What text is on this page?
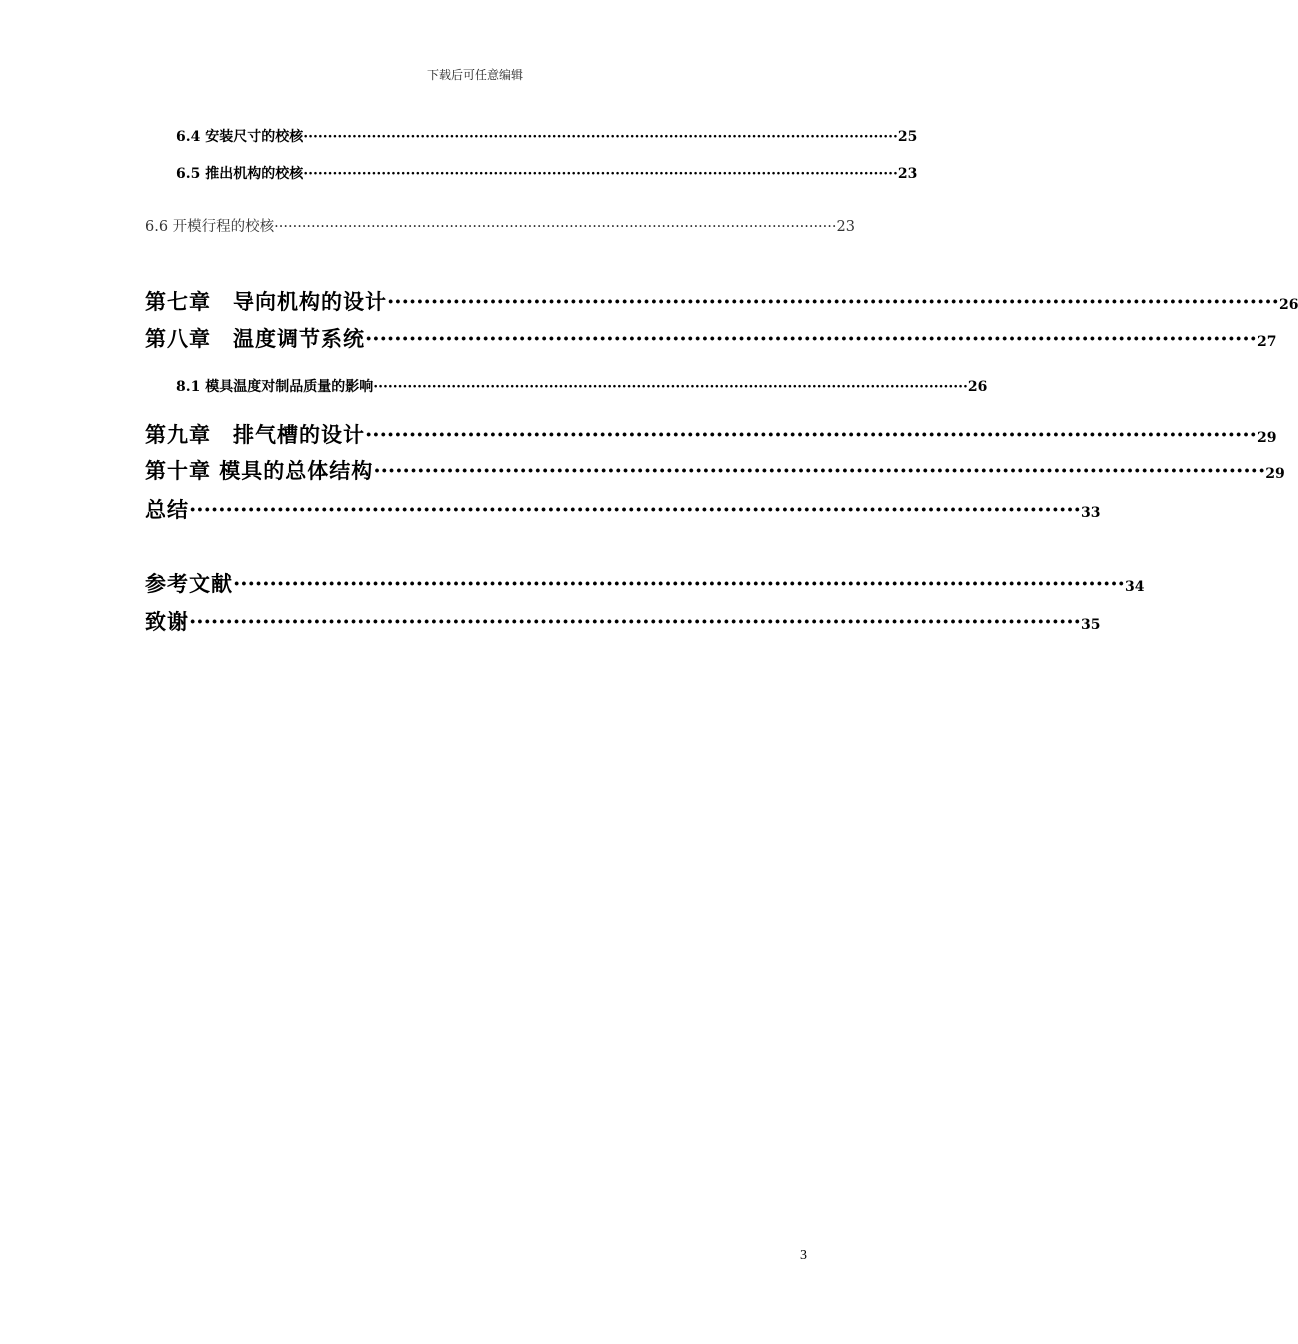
下载后可任意编辑
6.4 安装尺寸的校核 ·························································································································· 25
6.5 推出机构的校核 ·························································································································· 23
6.6 开模行程的校核 ·························································································································· 23
第七章　导向机构的设计 ·························································································································· 26
第八章　温度调节系统 ·························································································································· 27
8.1 模具温度对制品质量的影响 ·························································································································· 26
第九章　排气槽的设计 ·························································································································· 29
第十章 模具的总体结构 ·························································································································· 29
总结 ·························································································································· 33
参考文献 ·························································································································· 34
致谢 ·························································································································· 35
3
